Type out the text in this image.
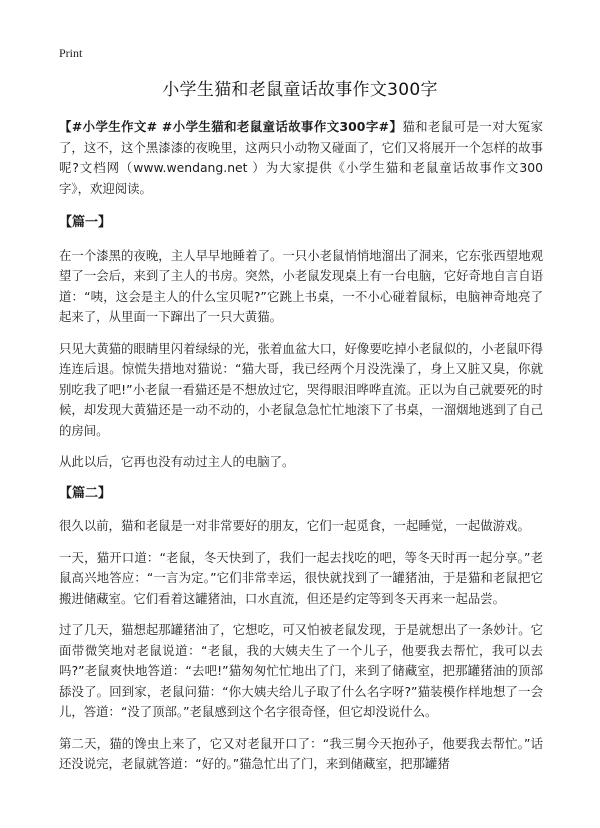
Print
小学生猫和老鼠童话故事作文300字

【#小学生作文# #小学生猫和老鼠童话故事作文300字#】猫和老鼠可是一对大冤家了，这不，这个黑漆漆的夜晚里，这两只小动物又碰面了，它们又将展开一个怎样的故事呢?文档网（www.wendang.net ）为大家提供《小学生猫和老鼠童话故事作文300字》，欢迎阅读。

【篇一】

在一个漆黑的夜晚，主人早早地睡着了。一只小老鼠悄悄地溜出了洞来，它东张西望地观望了一会后，来到了主人的书房。突然，小老鼠发现桌上有一台电脑，它好奇地自言自语道：“咦，这会是主人的什么宝贝呢?”它跳上书桌，一不小心碰着鼠标，电脑神奇地亮了起来了，从里面一下蹿出了一只大黄猫。

只见大黄猫的眼睛里闪着绿绿的光，张着血盆大口，好像要吃掉小老鼠似的，小老鼠吓得连连后退。惊慌失措地对猫说：“猫大哥，我已经两个月没洗澡了，身上又脏又臭，你就别吃我了吧!”小老鼠一看猫还是不想放过它，哭得眼泪哗哗直流。正以为自己就要死的时候，却发现大黄猫还是一动不动的，小老鼠急急忙忙地滚下了书桌，一溜烟地逃到了自己的房间。

从此以后，它再也没有动过主人的电脑了。

【篇二】

很久以前，猫和老鼠是一对非常要好的朋友，它们一起觅食，一起睡觉，一起做游戏。

一天，猫开口道：“老鼠，冬天快到了，我们一起去找吃的吧，等冬天时再一起分享。”老鼠高兴地答应：“一言为定。”它们非常幸运，很快就找到了一罐猪油，于是猫和老鼠把它搬进储藏室。它们看着这罐猪油，口水直流，但还是约定等到冬天再来一起品尝。

过了几天，猫想起那罐猪油了，它想吃，可又怕被老鼠发现，于是就想出了一条妙计。它面带微笑地对老鼠说道：“老鼠，我的大姨夫生了一个儿子，他要我去帮忙，我可以去吗?”老鼠爽快地答道：“去吧!”猫匆匆忙忙地出了门，来到了储藏室，把那罐猪油的顶部舔没了。回到家，老鼠问猫：“你大姨夫给儿子取了什么名字呀?”猫装模作样地想了一会儿，答道：“没了顶部。”老鼠感到这个名字很奇怪，但它却没说什么。

第二天，猫的馋虫上来了，它又对老鼠开口了：“我三舅今天抱孙子，他要我去帮忙。”话还没说完，老鼠就答道：“好的。”猫急忙出了门，来到储藏室，把那罐猪
